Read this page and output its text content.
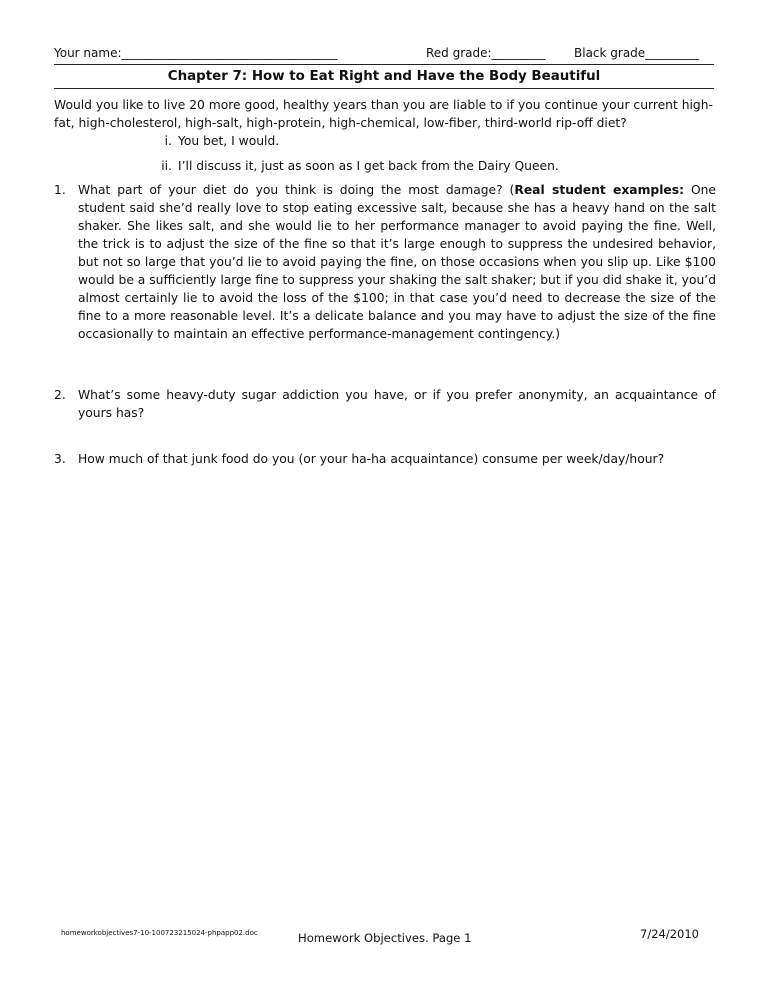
Your name:____________________________________	Red grade:_________ Black grade_________
Chapter 7: How to Eat Right and Have the Body Beautiful

Would you like to live 20 more good, healthy years than you are liable to if you continue your current high-fat, high-cholesterol, high-salt, high-protein, high-chemical, low-fiber, third-world rip-off diet?

i. You bet, I would.
ii. I’ll discuss it, just as soon as I get back from the Dairy Queen.
1. What part of your diet do you think is doing the most damage? (Real student examples: One student said she’d really love to stop eating excessive salt, because she has a heavy hand on the salt shaker. She likes salt, and she would lie to her performance manager to avoid paying the fine. Well, the trick is to adjust the size of the fine so that it’s large enough to suppress the undesired behavior, but not so large that you’d lie to avoid paying the fine, on those occasions when you slip up. Like $100 would be a sufficiently large fine to suppress your shaking the salt shaker; but if you did shake it, you’d almost certainly lie to avoid the loss of the $100; in that case you’d need to decrease the size of the fine to a more reasonable level. It’s a delicate balance and you may have to adjust the size of the fine occasionally to maintain an effective performance-management contingency.)
2. What’s some heavy-duty sugar addiction you have, or if you prefer anonymity, an acquaintance of yours has?
3. How much of that junk food do you (or your ha-ha acquaintance) consume per week/day/hour?
homeworkobjectives7-10-100723215024-phpapp02.doc	Homework Objectives. Page 1	7/24/2010
